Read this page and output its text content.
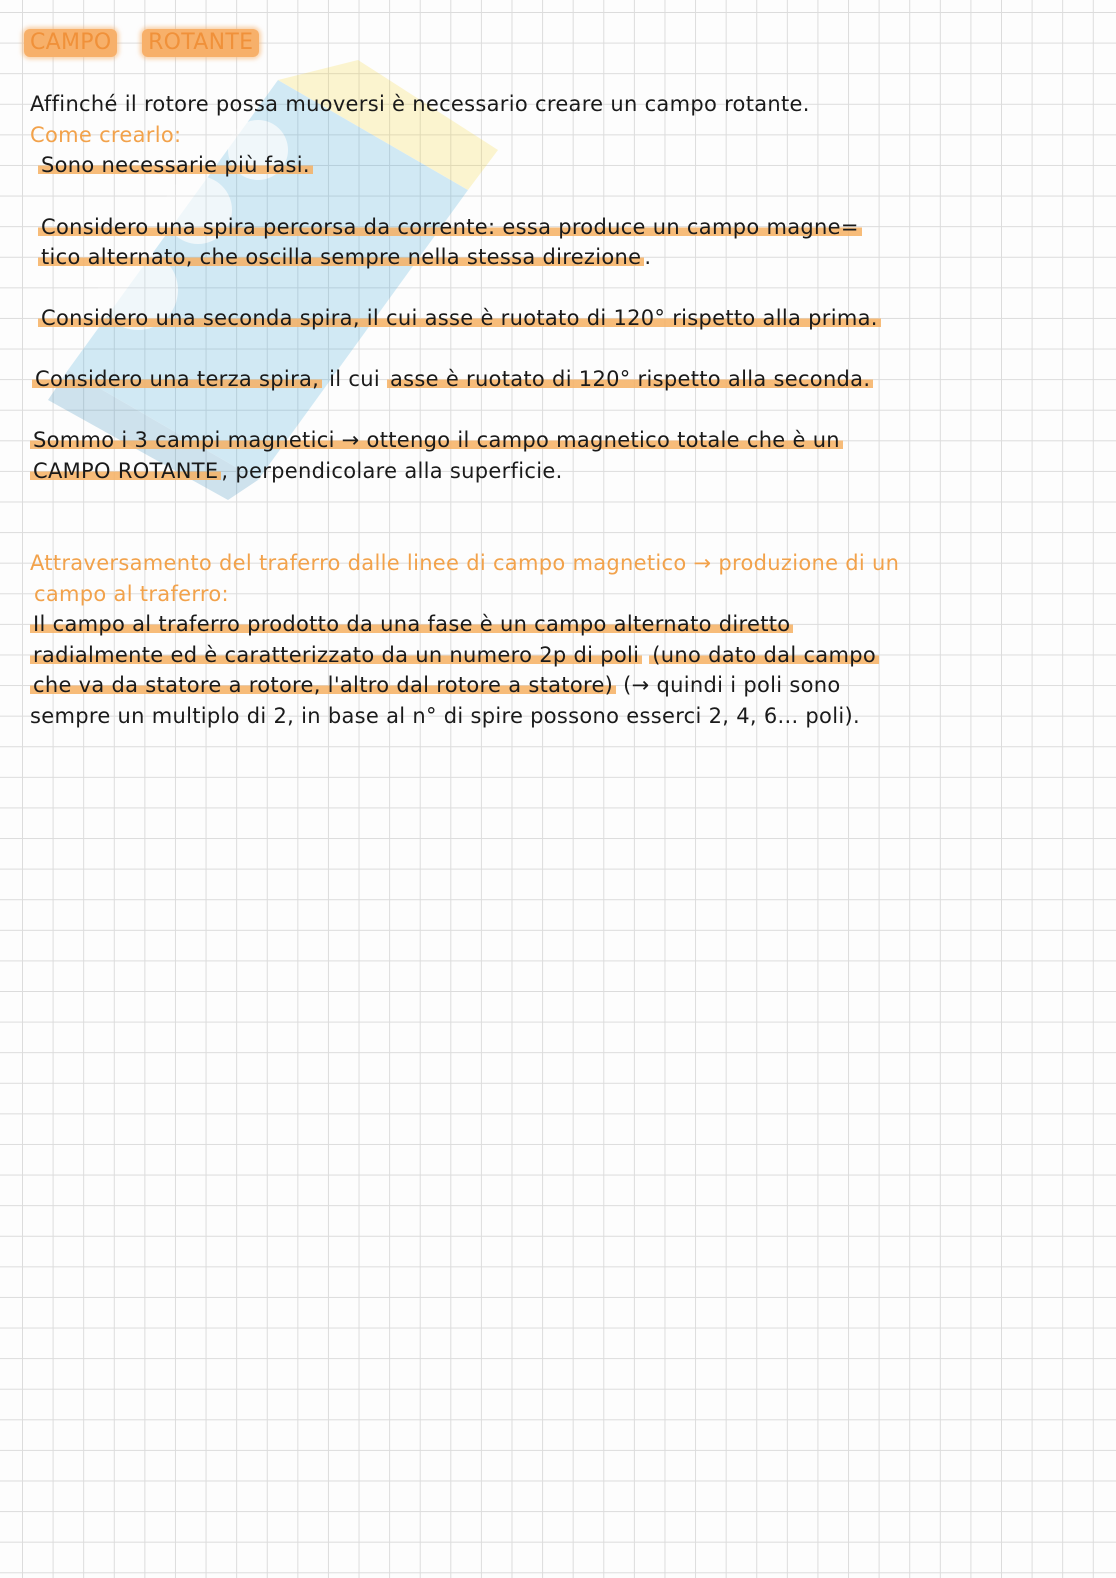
CAMPO ROTANTE
Affinché il rotore possa muoversi è necessario creare un campo rotante.
Come crearlo:
Sono necessarie più fasi.
Considero una spira percorsa da corrente: essa produce un campo magne=
tico alternato, che oscilla sempre nella stessa direzione .
Considero una seconda spira, il cui asse è ruotato di 120° rispetto alla prima.
Considero una terza spira, il cui asse è ruotato di 120° rispetto alla seconda.
Sommo i 3 campi magnetici → ottengo il campo magnetico totale che è un
CAMPO ROTANTE , perpendicolare alla superficie.
Attraversamento del traferro dalle linee di campo magnetico → produzione di un
campo al traferro:
Il campo al traferro prodotto da una fase è un campo alternato diretto
radialmente ed è caratterizzato da un numero 2p di poli (uno dato dal campo
che va da statore a rotore, l'altro dal rotore a statore) (→ quindi i poli sono
sempre un multiplo di 2, in base al n° di spire possono esserci 2, 4, 6... poli).
